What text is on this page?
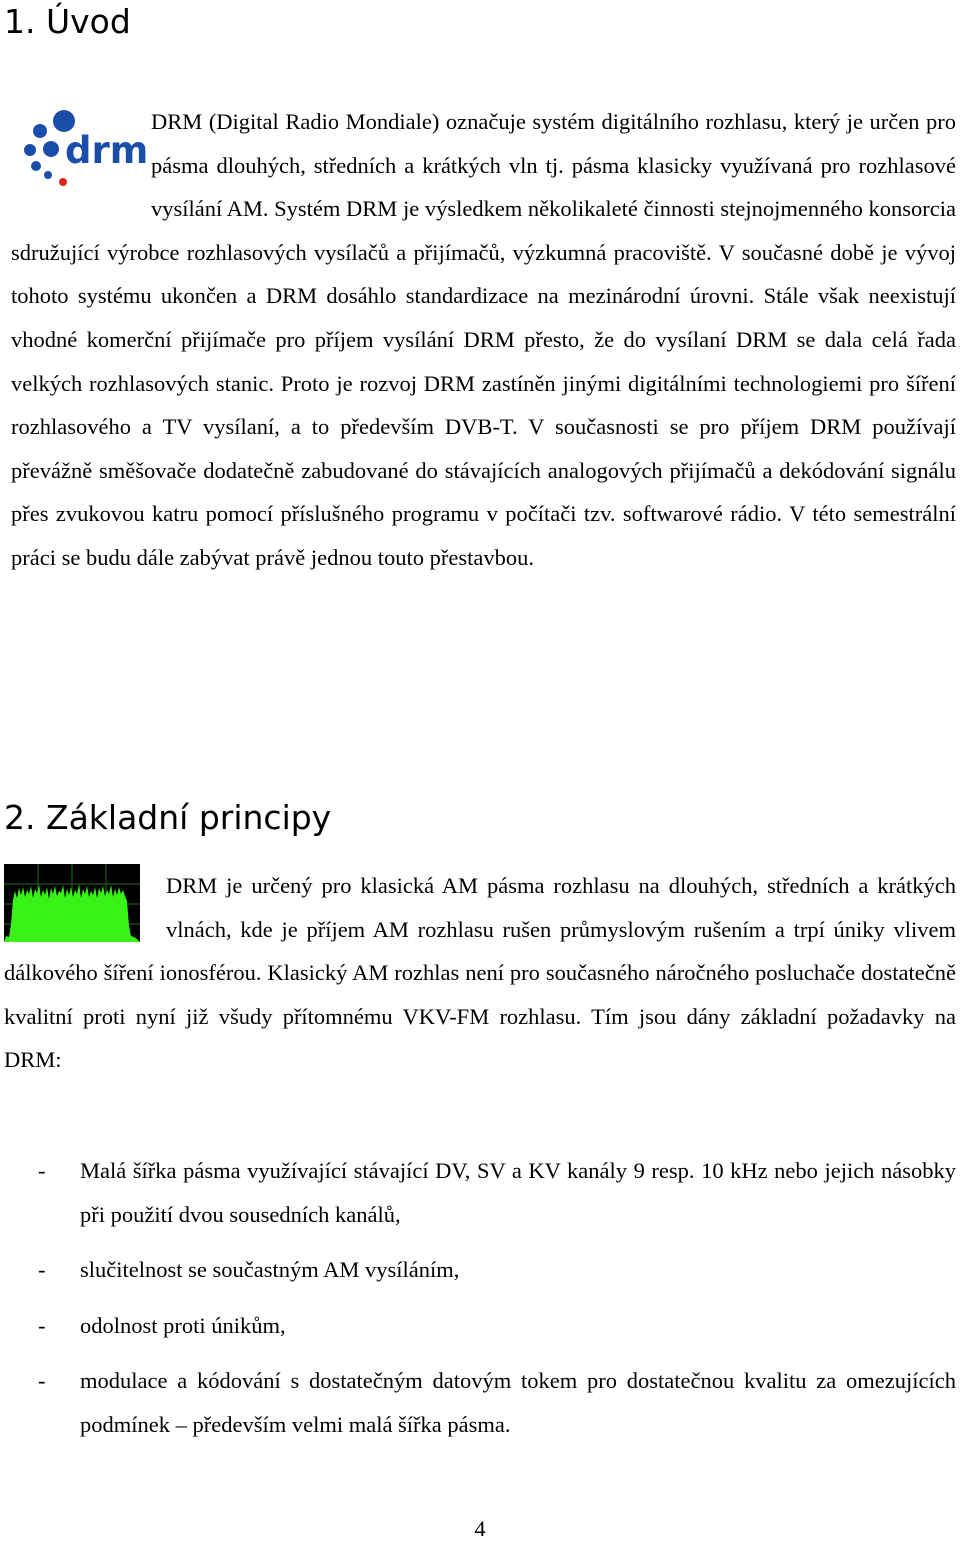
1. Úvod
drm
DRM (Digital Radio Mondiale) označuje systém digitálního rozhlasu, který je určen pro pásma dlouhých, středních a krátkých vln tj. pásma klasicky využívaná pro rozhlasové vysílání AM. Systém DRM je výsledkem několikaleté činnosti stejnojmenného konsorcia sdružující výrobce rozhlasových vysílačů a přijímačů, výzkumná pracoviště. V současné době je vývoj tohoto systému ukončen a DRM dosáhlo standardizace na mezinárodní úrovni. Stále však neexistují vhodné komerční přijímače pro příjem vysílání DRM přesto, že do vysílaní DRM se dala celá řada velkých rozhlasových stanic. Proto je rozvoj DRM zastíněn jinými digitálními technologiemi pro šíření rozhlasového a TV vysílaní, a to především DVB-T. V současnosti se pro příjem DRM používají převážně směšovače dodatečně zabudované do stávajících analogových přijímačů a dekódování signálu přes zvukovou katru pomocí příslušného programu v počítači tzv. softwarové rádio. V této semestrální práci se budu dále zabývat právě jednou touto přestavbou.
2. Základní principy
DRM je určený pro klasická AM pásma rozhlasu na dlouhých, středních a krátkých vlnách, kde je příjem AM rozhlasu rušen průmyslovým rušením a trpí úniky vlivem dálkového šíření ionosférou. Klasický AM rozhlas není pro současného náročného posluchače dostatečně kvalitní proti nyní již všudy přítomnému VKV-FM rozhlasu. Tím jsou dány základní požadavky na DRM:
- Malá šířka pásma využívající stávající DV, SV a KV kanály 9 resp. 10 kHz nebo jejich násobky při použití dvou sousedních kanálů,
- slučitelnost se součastným AM vysíláním,
- odolnost proti únikům,
- modulace a kódování s dostatečným datovým tokem pro dostatečnou kvalitu za omezujících podmínek – především velmi malá šířka pásma.
4
